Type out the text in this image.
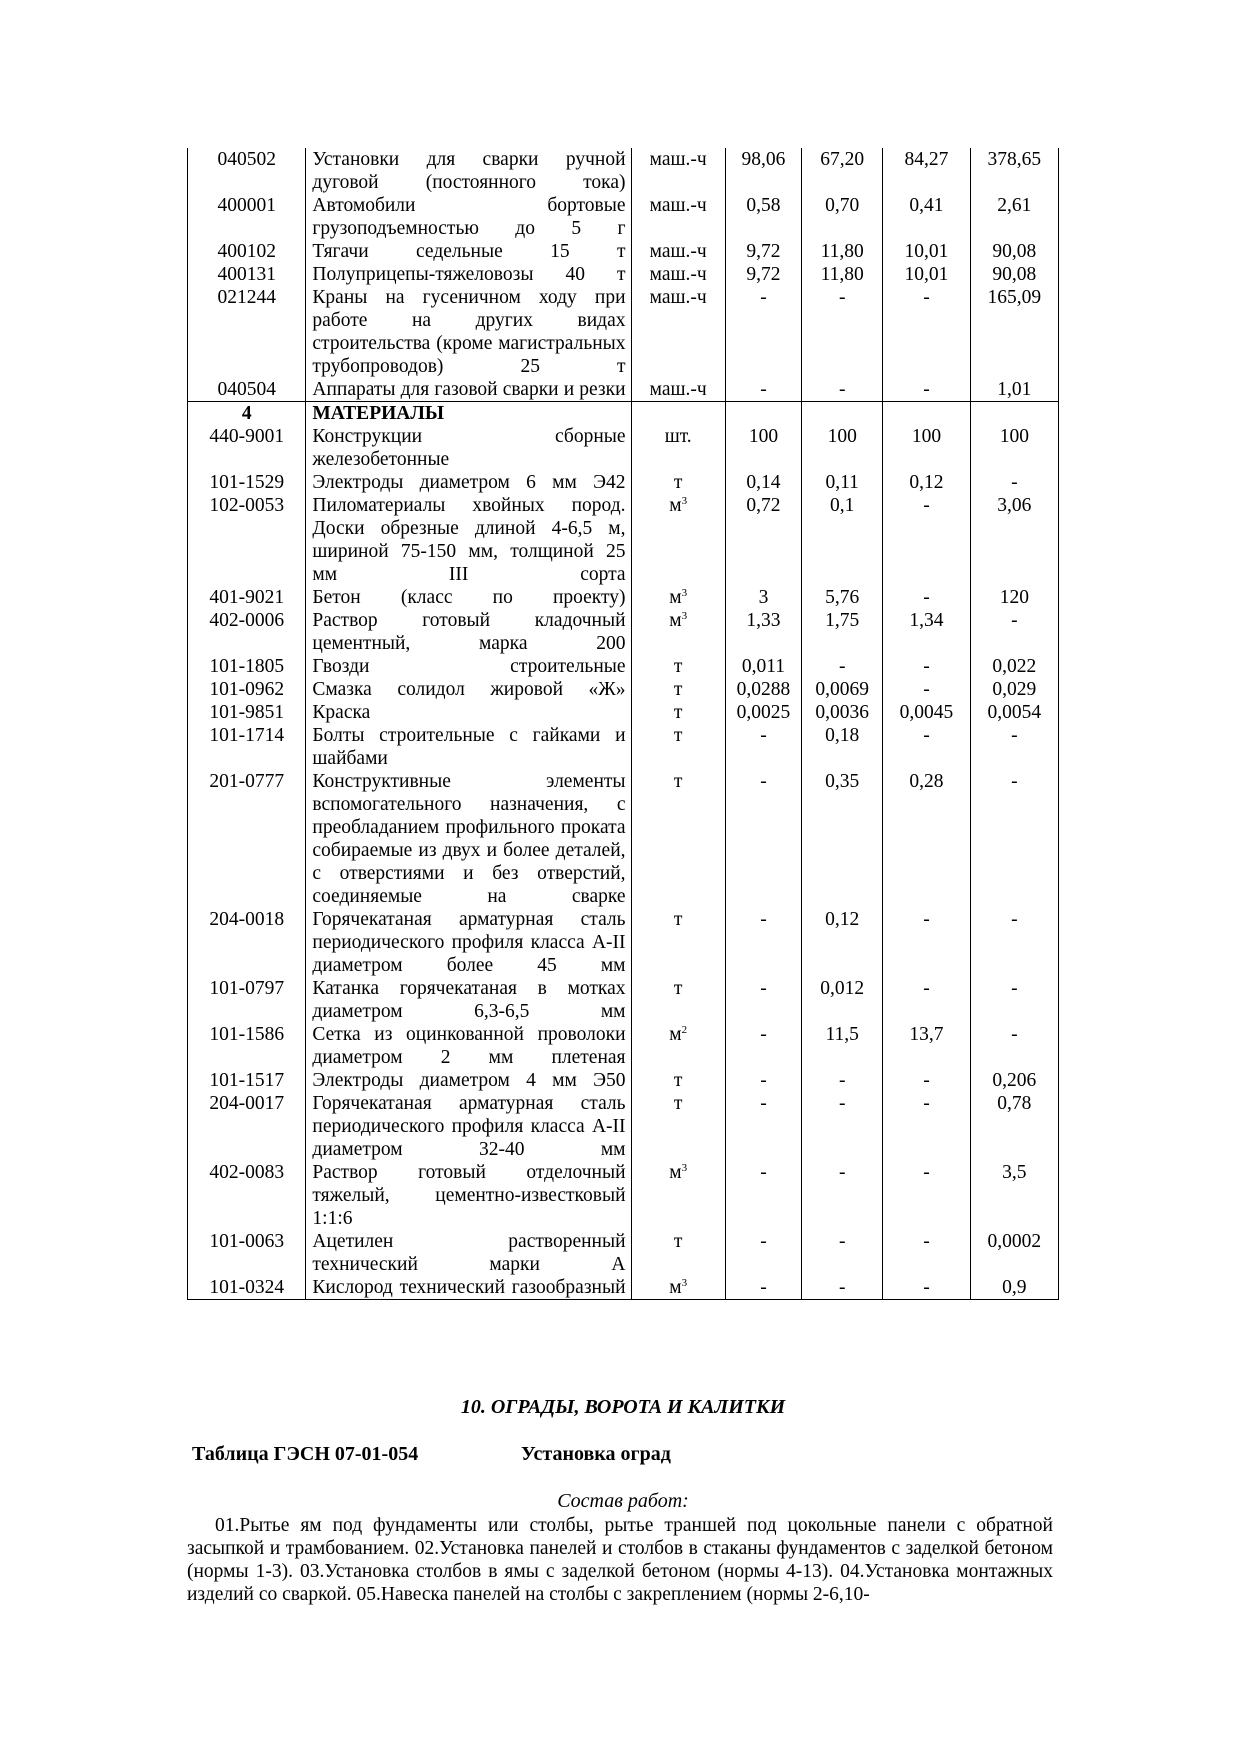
040502	Установки для сварки ручной дуговой (постоянного тока)	маш.-ч	98,06	67,20	84,27	378,65
400001	Автомобили бортовые грузоподъемностью до 5 г	маш.-ч	0,58	0,70	0,41	2,61
400102	Тягачи седельные 15 т	маш.-ч	9,72	11,80	10,01	90,08
400131	Полуприцепы-тяжеловозы 40 т	маш.-ч	9,72	11,80	10,01	90,08
021244	Краны на гусеничном ходу при работе на других видах строительства (кроме магистральных трубопроводов) 25 т	маш.-ч	-	-	-	165,09
040504	Аппараты для газовой сварки и резки	маш.-ч	-	-	-	1,01
4	МАТЕРИАЛЫ					
440-9001	Конструкции сборные железобетонные	шт.	100	100	100	100
101-1529	Электроды диаметром 6 мм Э42	т	0,14	0,11	0,12	-
102-0053	Пиломатериалы хвойных пород. Доски обрезные длиной 4-6,5 м, шириной 75-150 мм, толщиной 25 мм III сорта	$м^3$	0,72	0,1	-	3,06
401-9021	Бетон (класс по проекту)	$м^3$	3	5,76	-	120
402-0006	Раствор готовый кладочный цементный, марка 200	$м^3$	1,33	1,75	1,34	-
101-1805	Гвозди строительные	т	0,011	-	-	0,022
101-0962	Смазка солидол жировой «Ж»	т	0,0288	0,0069	-	0,029
101-9851	Краска	т	0,0025	0,0036	0,0045	0,0054
101-1714	Болты строительные с гайками и шайбами	т	-	0,18	-	-
201-0777	Конструктивные элементы вспомогательного назначения, с преобладанием профильного проката собираемые из двух и более деталей, с отверстиями и без отверстий, соединяемые на сварке	т	-	0,35	0,28	-
204-0018	Горячекатаная арматурная сталь периодического профиля класса А-II диаметром более 45 мм	т	-	0,12	-	-
101-0797	Катанка горячекатаная в мотках диаметром 6,3-6,5 мм	т	-	0,012	-	-
101-1586	Сетка из оцинкованной проволоки диаметром 2 мм плетеная	$м^2$	-	11,5	13,7	-
101-1517	Электроды диаметром 4 мм Э50	т	-	-	-	0,206
204-0017	Горячекатаная арматурная сталь периодического профиля класса А-II диаметром 32-40 мм	т	-	-	-	0,78
402-0083	Раствор готовый отделочный тяжелый, цементно-известковый 1:1:6	$м^3$	-	-	-	3,5
101-0063	Ацетилен растворенный технический марки А	т	-	-	-	0,0002
101-0324	Кислород технический газообразный	$м^3$	-	-	-	0,9
10. ОГРАДЫ, ВОРОТА И КАЛИТКИ
Таблица ГЭСН 07-01-054	Установка оград
Состав работ:
01.Рытье ям под фундаменты или столбы, рытье траншей под цокольные панели с обратной засыпкой и трамбованием. 02.Установка панелей и столбов в стаканы фундаментов с заделкой бетоном (нормы 1-3). 03.Установка столбов в ямы с заделкой бетоном (нормы 4-13). 04.Установка монтажных изделий со сваркой. 05.Навеска панелей на столбы с закреплением (нормы 2-6,10-
